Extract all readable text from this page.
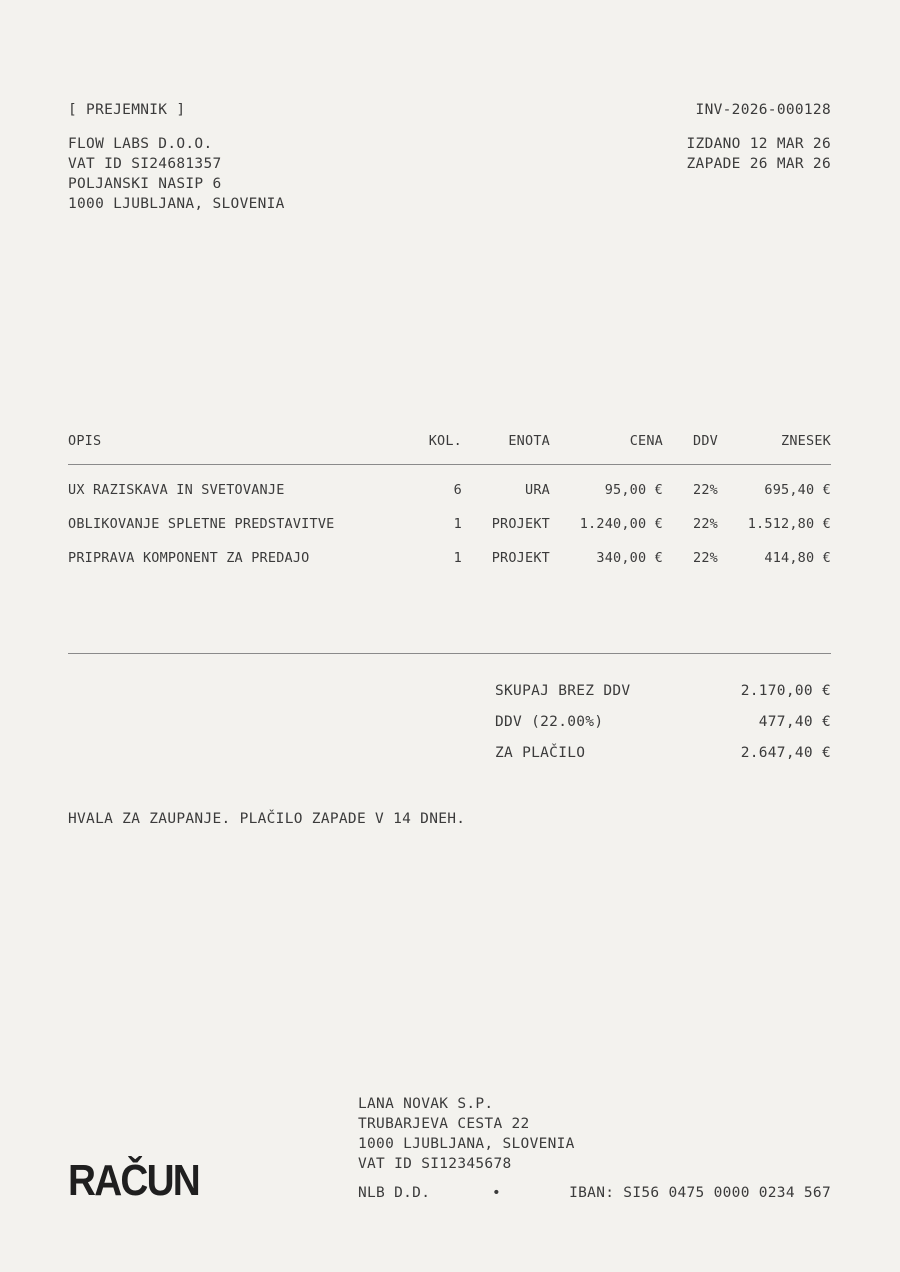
[ PREJEMNIK ]
FLOW LABS D.O.O.
VAT ID SI24681357
POLJANSKI NASIP 6
1000 LJUBLJANA, SLOVENIA
INV-2026-000128
IZDANO 12 MAR 26
ZAPADE 26 MAR 26
OPIS	KOL.	ENOTA	CENA DDV	ZNESEK
UX RAZISKAVA IN SVETOVANJE	6	URA	95,00 € 22%	695,40 €
OBLIKOVANJE SPLETNE PREDSTAVITVE	1 PROJEKT 1.240,00 € 22% 1.512,80 €
PRIPRAVA KOMPONENT ZA PREDAJO	1 PROJEKT	340,00 € 22%	414,80 €
SKUPAJ BREZ DDV	2.170,00 €
DDV (22.00%)	477,40 €
ZA PLAČILO	2.647,40 €
HVALA ZA ZAUPANJE. PLAČILO ZAPADE V 14 DNEH.
RAČUN
LANA NOVAK S.P.
TRUBARJEVA CESTA 22
1000 LJUBLJANA, SLOVENIA
VAT ID SI12345678
NLB D.D.	•	IBAN: SI56 0475 0000 0234 567
